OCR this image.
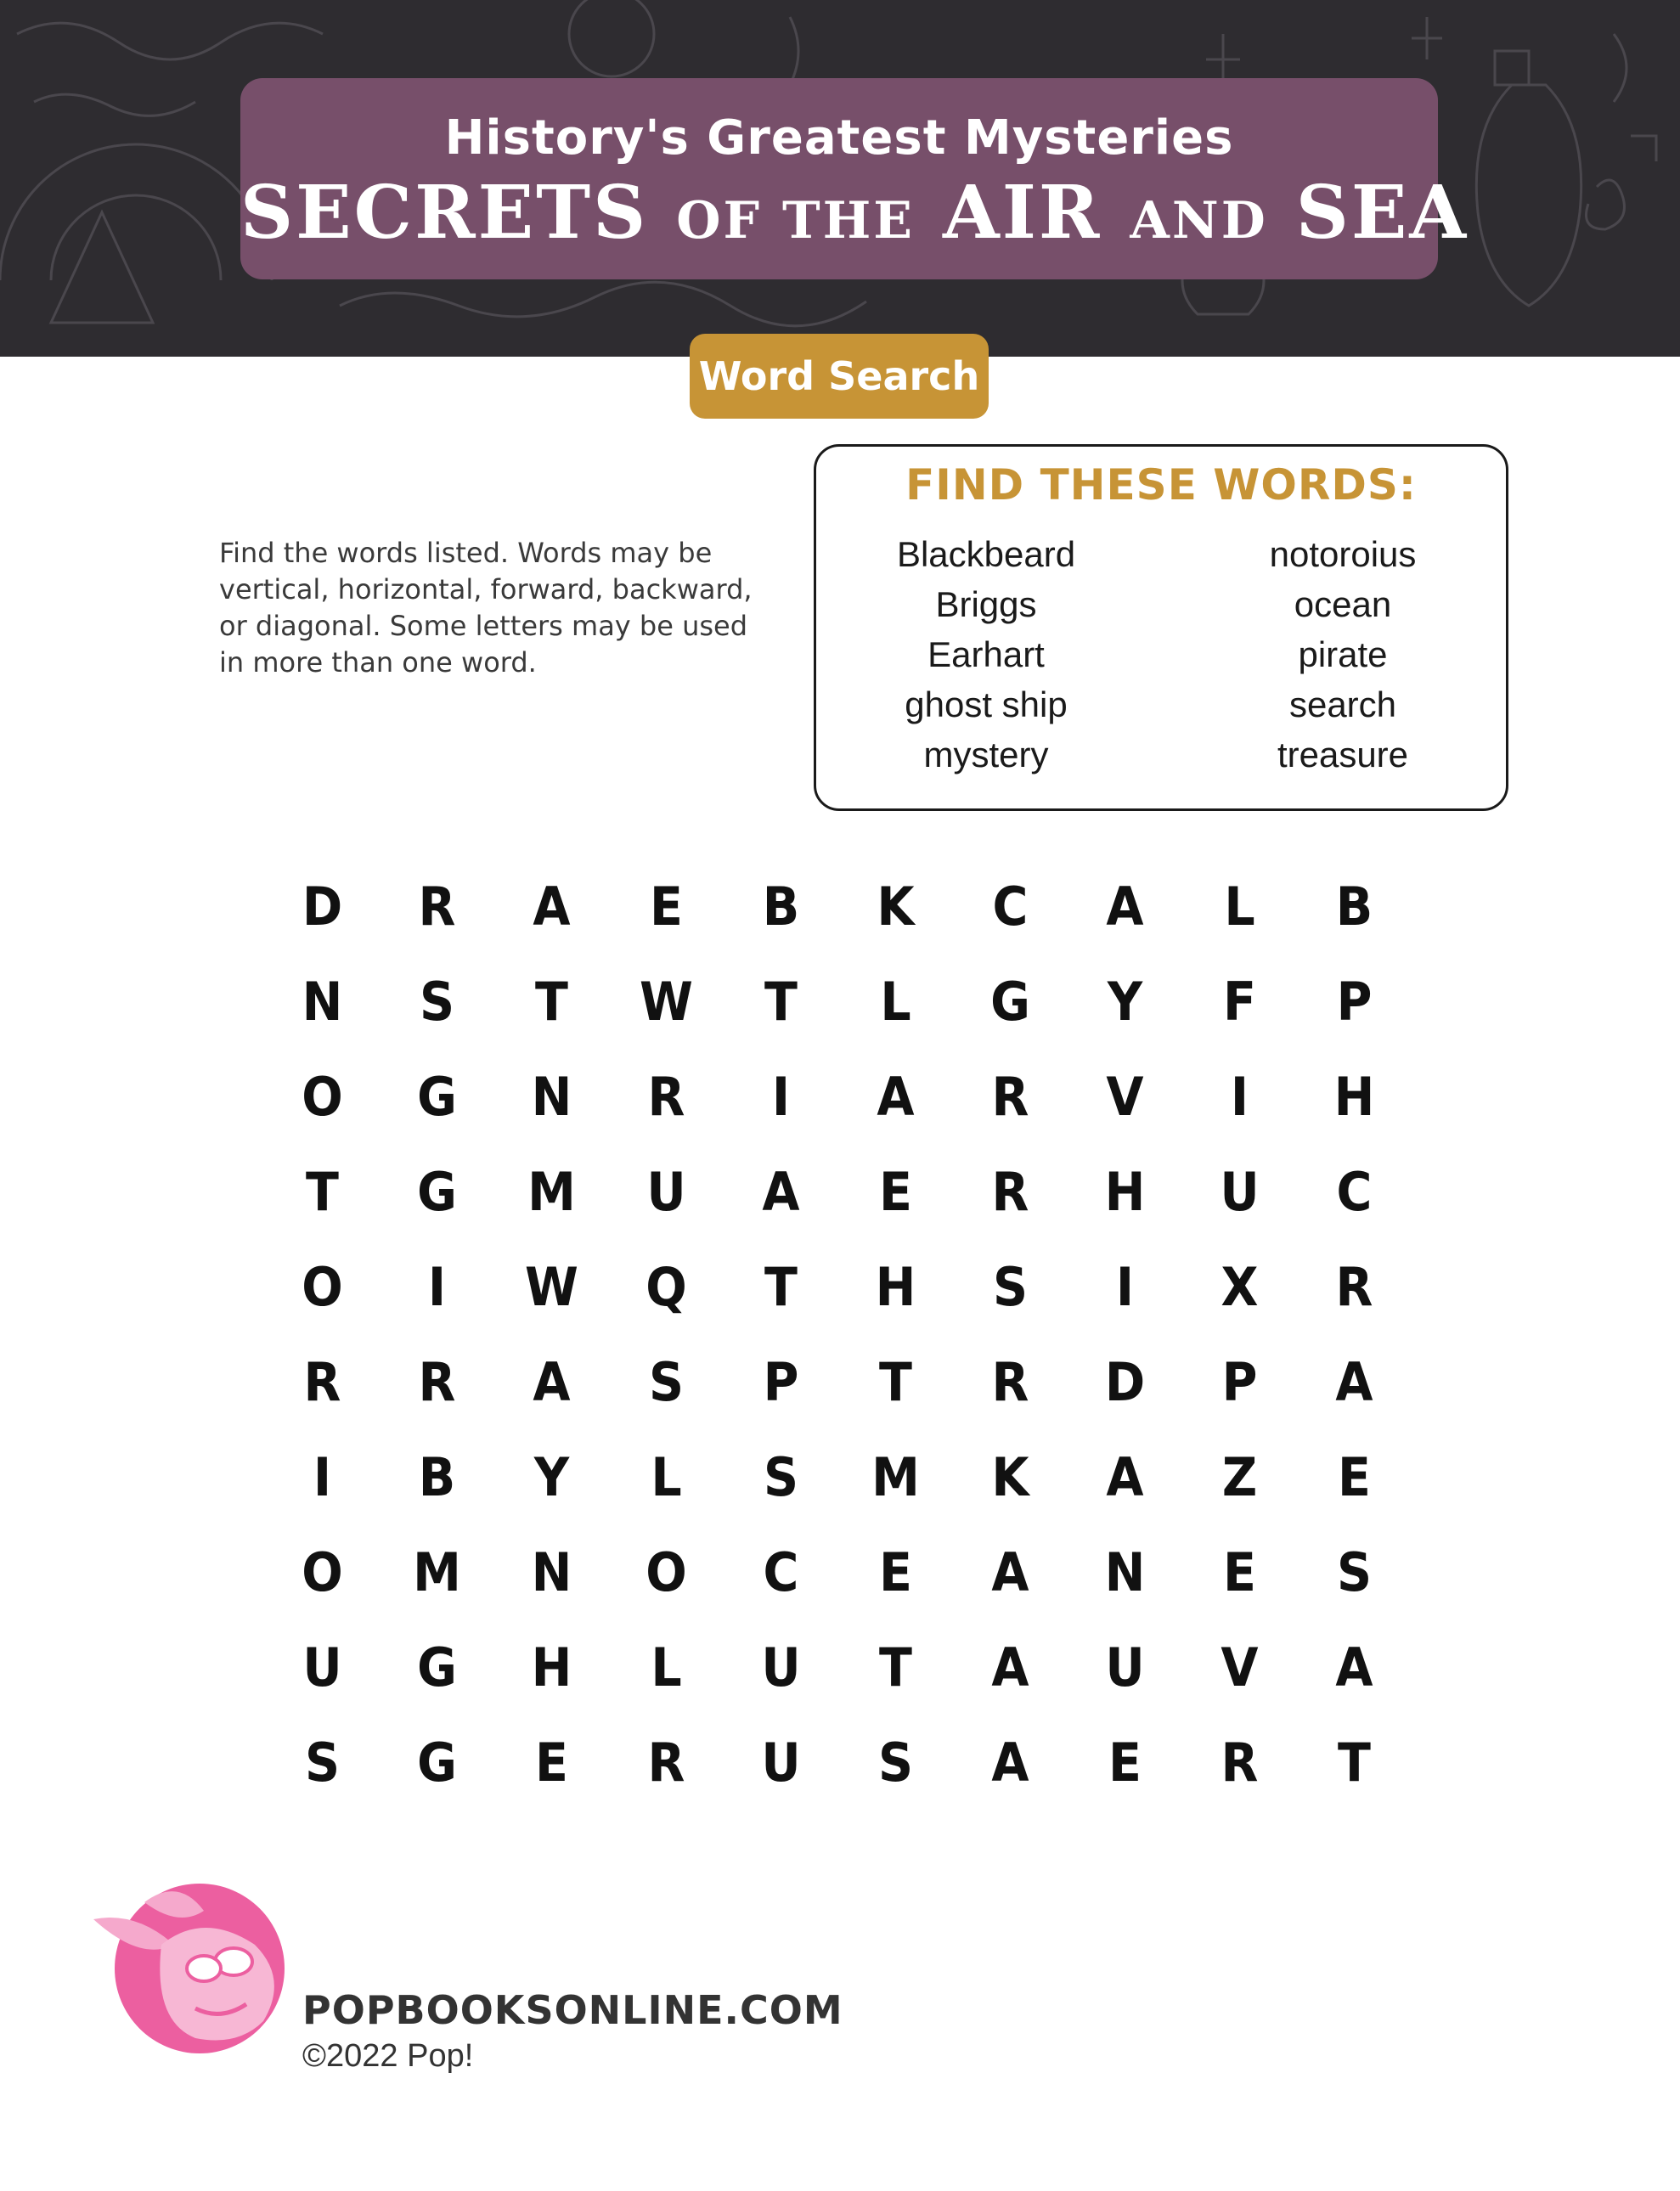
History's Greatest Mysteries
SECRETS OF THE AIR AND SEA
Word Search
Find the words listed. Words may be vertical, horizontal, forward, backward, or diagonal. Some letters may be used in more than one word.
FIND THESE WORDS:
Blackbeard
Briggs
Earhart
ghost ship
mystery
notoroius
ocean
pirate
search
treasure
D	R	A	E	B	K	C	A	L	B
N	S	T	W	T	L	G	Y	F	P
O	G	N	R	I	A	R	V	I	H
T	G	M	U	A	E	R	H	U	C
O	I	W	Q	T	H	S	I	X	R
R	R	A	S	P	T	R	D	P	A
I	B	Y	L	S	M	K	A	Z	E
O	M	N	O	C	E	A	N	E	S
U	G	H	L	U	T	A	U	V	A
S	G	E	R	U	S	A	E	R	T
POPBOOKSONLINE.COM
©2022 Pop!
